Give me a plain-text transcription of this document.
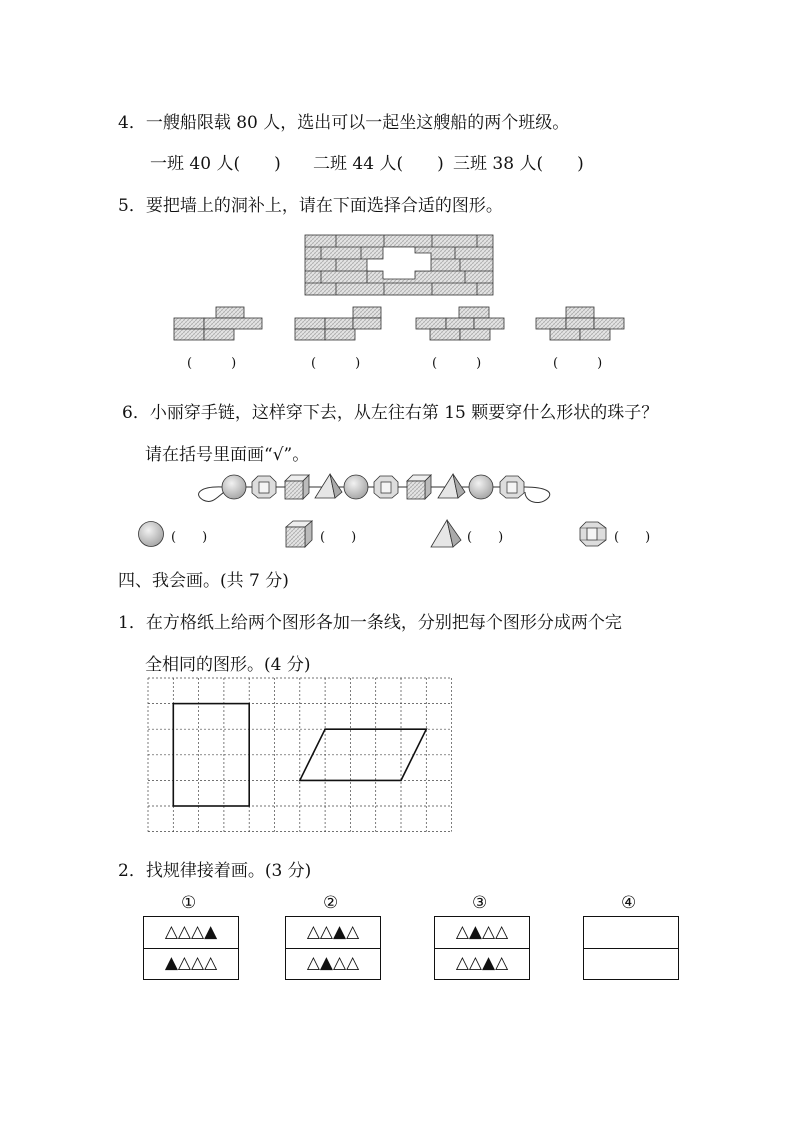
4．一艘船限载 80 人，选出可以一起坐这艘船的两个班级。
一班 40 人(　　) 二班 44 人(　　) 三班 38 人(　　)
5．要把墙上的洞补上，请在下面选择合适的图形。
(　　　)	(　　　)	(　　　)	(　　　)
6．小丽穿手链，这样穿下去，从左往右第 15 颗要穿什么形状的珠子？
请在括号里面画“√”。
(　　)	(　　)	(　　)	(　　)
四、我会画。(共 7 分)
1．在方格纸上给两个图形各加一条线，分别把每个图形分成两个完
全相同的图形。(4 分)
2．找规律接着画。(3 分)
①
△△△▲
▲△△△
②
△△▲△
△▲△△
③
△▲△△
△△▲△
④
